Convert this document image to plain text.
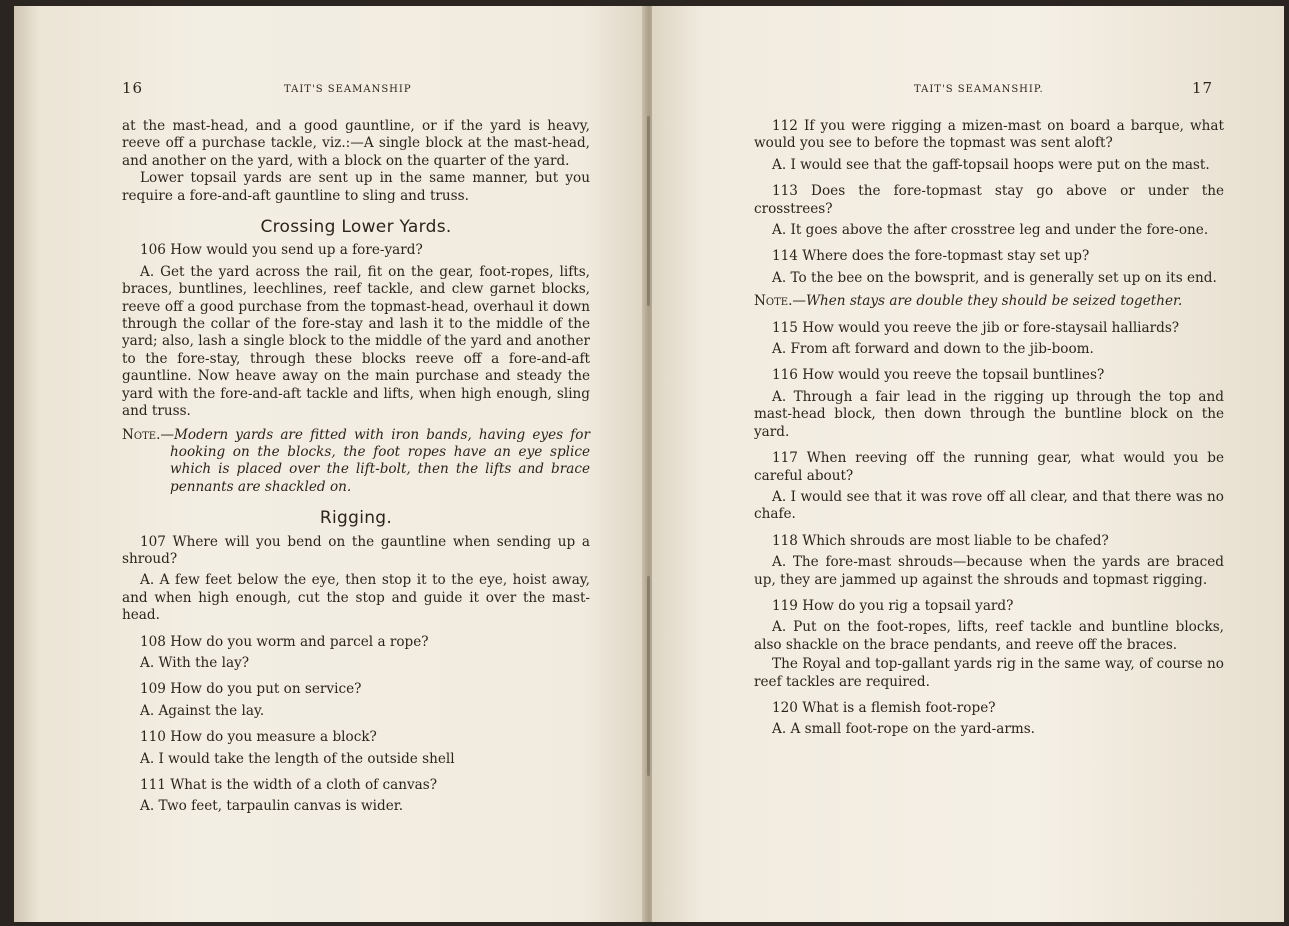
16	TAIT'S SEAMANSHIP

at the mast-head, and a good gauntline, or if the yard is heavy, reeve off a purchase tackle, viz.:—A single block at the mast-head, and another on the yard, with a block on the quarter of the yard.

Lower topsail yards are sent up in the same manner, but you require a fore-and-aft gauntline to sling and truss.

Crossing Lower Yards.

106 How would you send up a fore-yard?

A. Get the yard across the rail, fit on the gear, foot-ropes, lifts, braces, buntlines, leechlines, reef tackle, and clew garnet blocks, reeve off a good purchase from the topmast-head, overhaul it down through the collar of the fore-stay and lash it to the middle of the yard; also, lash a single block to the middle of the yard and another to the fore-stay, through these blocks reeve off a fore-and-aft gauntline. Now heave away on the main purchase and steady the yard with the fore-and-aft tackle and lifts, when high enough, sling and truss.

Note.—Modern yards are fitted with iron bands, having eyes for hooking on the blocks, the foot ropes have an eye splice which is placed over the lift-bolt, then the lifts and brace pennants are shackled on.

Rigging.

107 Where will you bend on the gauntline when sending up a shroud?

A. A few feet below the eye, then stop it to the eye, hoist away, and when high enough, cut the stop and guide it over the mast-head.

108 How do you worm and parcel a rope?

A. With the lay?

109 How do you put on service?

A. Against the lay.

110 How do you measure a block?

A. I would take the length of the outside shell

111 What is the width of a cloth of canvas?

A. Two feet, tarpaulin canvas is wider.

TAIT'S SEAMANSHIP.	17

112 If you were rigging a mizen-mast on board a barque, what would you see to before the topmast was sent aloft?

A. I would see that the gaff-topsail hoops were put on the mast.

113 Does the fore-topmast stay go above or under the crosstrees?

A. It goes above the after crosstree leg and under the fore-one.

114 Where does the fore-topmast stay set up?

A. To the bee on the bowsprit, and is generally set up on its end.

Note.—When stays are double they should be seized together.

115 How would you reeve the jib or fore-staysail halliards?

A. From aft forward and down to the jib-boom.

116 How would you reeve the topsail buntlines?

A. Through a fair lead in the rigging up through the top and mast-head block, then down through the buntline block on the yard.

117 When reeving off the running gear, what would you be careful about?

A. I would see that it was rove off all clear, and that there was no chafe.

118 Which shrouds are most liable to be chafed?

A. The fore-mast shrouds—because when the yards are braced up, they are jammed up against the shrouds and topmast rigging.

119 How do you rig a topsail yard?

A. Put on the foot-ropes, lifts, reef tackle and buntline blocks, also shackle on the brace pendants, and reeve off the braces.

The Royal and top-gallant yards rig in the same way, of course no reef tackles are required.

120 What is a flemish foot-rope?

A. A small foot-rope on the yard-arms.
